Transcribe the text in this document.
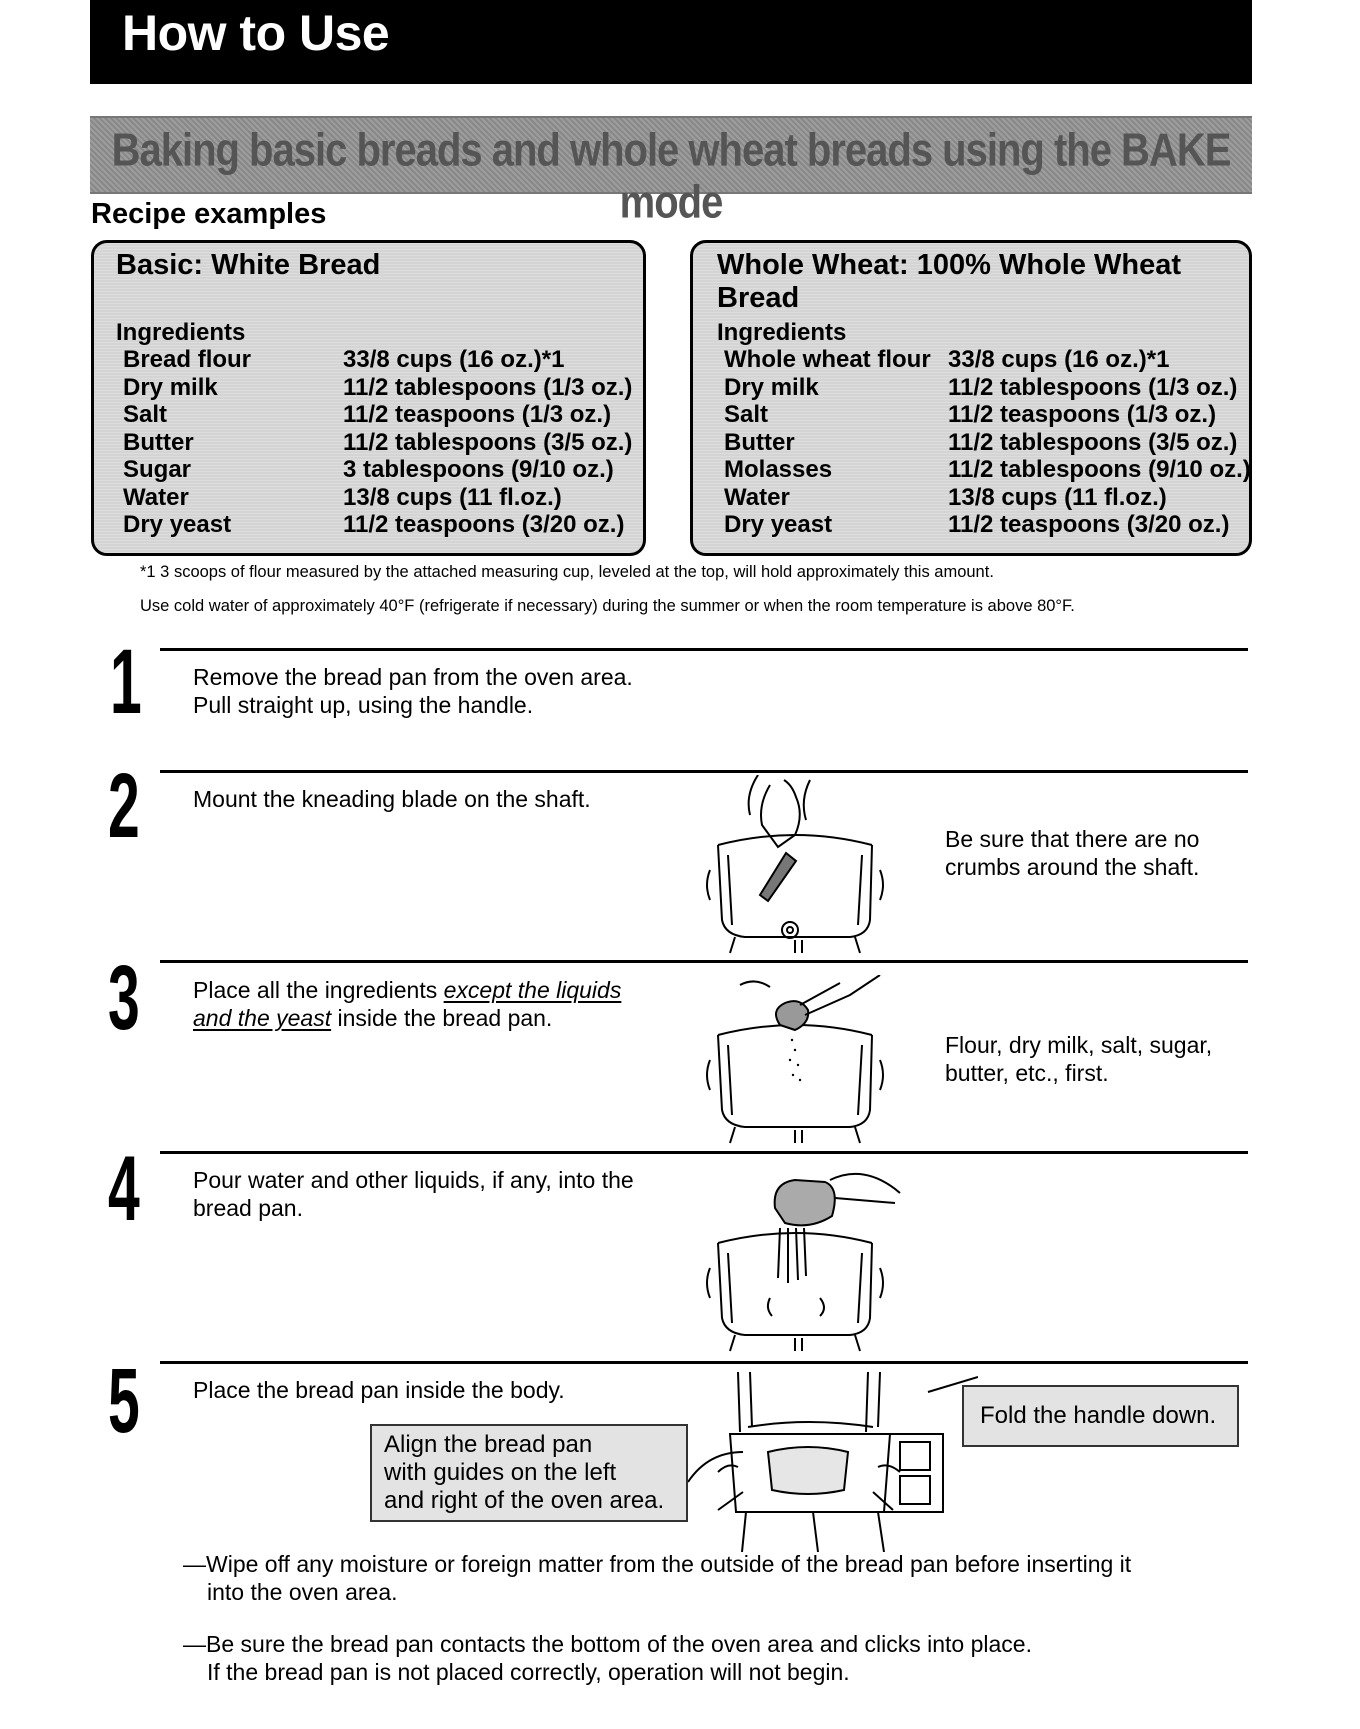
How to Use
Baking basic breads and whole wheat breads using the BAKE mode
Recipe examples
Basic: White Bread
Ingredients
Bread flour	33/8 cups (16 oz.)*1
Dry milk	11/2 tablespoons (1/3 oz.)
Salt	11/2 teaspoons (1/3 oz.)
Butter	11/2 tablespoons (3/5 oz.)
Sugar	3 tablespoons (9/10 oz.)
Water	13/8 cups (11 fl.oz.)
Dry yeast	11/2 teaspoons (3/20 oz.)
Whole Wheat: 100% Whole Wheat
Bread
Ingredients
Whole wheat flour 33/8 cups (16 oz.)*1
Dry milk	11/2 tablespoons (1/3 oz.)
Salt	11/2 teaspoons (1/3 oz.)
Butter	11/2 tablespoons (3/5 oz.)
Molasses	11/2 tablespoons (9/10 oz.)
Water	13/8 cups (11 fl.oz.)
Dry yeast	11/2 teaspoons (3/20 oz.)
*1 3 scoops of flour measured by the attached measuring cup, leveled at the top, will hold approximately this amount.
Use cold water of approximately 40°F (refrigerate if necessary) during the summer or when the room temperature is above 80°F.
1 Remove the bread pan from the oven area.
Pull straight up, using the handle.
2 Mount the kneading blade on the shaft.
Be sure that there are no
crumbs around the shaft.
3 Place all the ingredients except the liquids
and the yeast inside the bread pan.
Flour, dry milk, salt, sugar,
butter, etc., first.
4 Pour water and other liquids, if any, into the
bread pan.
5 Place the bread pan inside the body.
Align the bread pan
with guides on the left
and right of the oven area.
Fold the handle down.
—Wipe off any moisture or foreign matter from the outside of the bread pan before inserting it
into the oven area.
—Be sure the bread pan contacts the bottom of the oven area and clicks into place.
If the bread pan is not placed correctly, operation will not begin.
